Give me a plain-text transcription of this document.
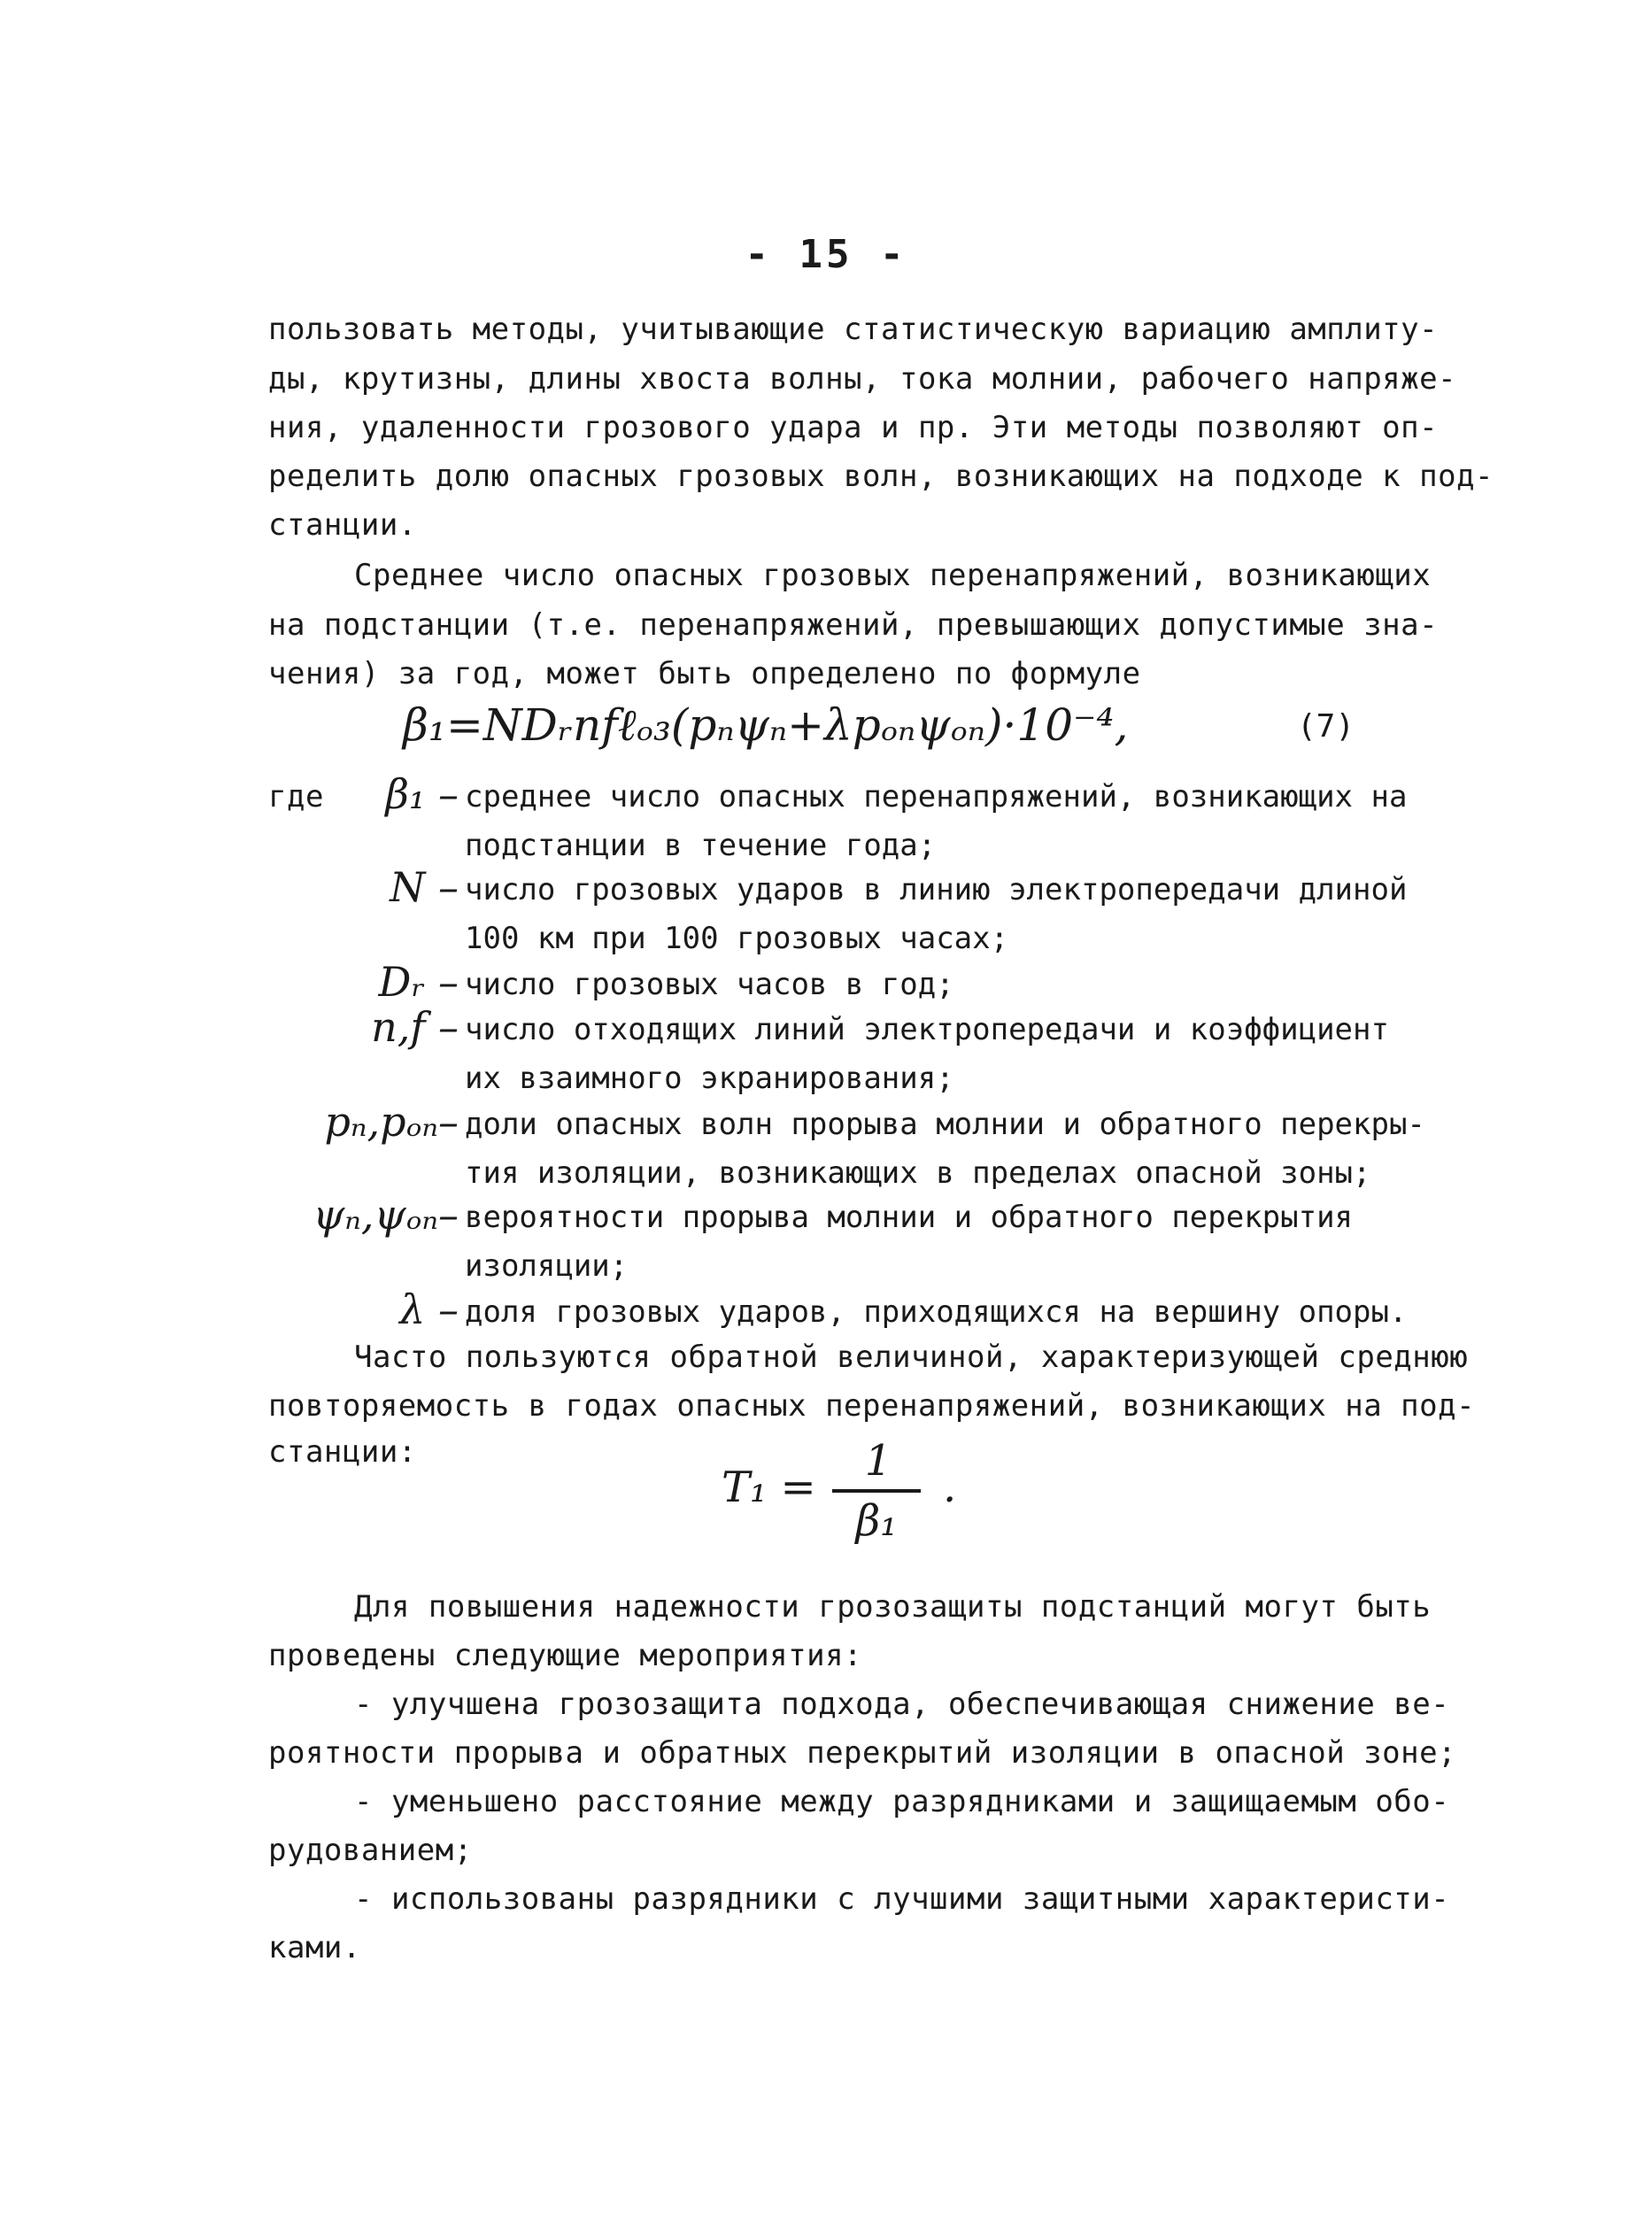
- 15 -
пользовать методы, учитывающие статистическую вариацию амплиту-
ды, крутизны, длины хвоста волны, тока молнии, рабочего напряже-
ния, удаленности грозового удара и пр. Эти методы позволяют оп-
ределить долю опасных грозовых волн, возникающих на подходе к под-
станции.
Среднее число опасных грозовых перенапряжений, возникающих
на подстанции (т.е. перенапряжений, превышающих допустимые зна-
чения) за год, может быть определено по формуле
β₁=NDᵣnfℓₒ₃(pₙψₙ+λpₒₙψₒₙ)·10⁻⁴,	(7)
где	β₁ – среднее число опасных перенапряжений, возникающих на
подстанции в течение года;
N – число грозовых ударов в линию электропередачи длиной
100 км при 100 грозовых часах;
Dᵣ – число грозовых часов в год;
n,f – число отходящих линий электропередачи и коэффициент
их взаимного экранирования;
pₙ,pₒₙ– доли опасных волн прорыва молнии и обратного перекры-
тия изоляции, возникающих в пределах опасной зоны;
ψₙ,ψₒₙ– вероятности прорыва молнии и обратного перекрытия
изоляции;
λ – доля грозовых ударов, приходящихся на вершину опоры.
Часто пользуются обратной величиной, характеризующей среднюю
повторяемость в годах опасных перенапряжений, возникающих на под-
станции:
T₁ =
1
β₁
.
Для повышения надежности грозозащиты подстанций могут быть
проведены следующие мероприятия:
- улучшена грозозащита подхода, обеспечивающая снижение ве-
роятности прорыва и обратных перекрытий изоляции в опасной зоне;
- уменьшено расстояние между разрядниками и защищаемым обо-
рудованием;
- использованы разрядники с лучшими защитными характеристи-
ками.
